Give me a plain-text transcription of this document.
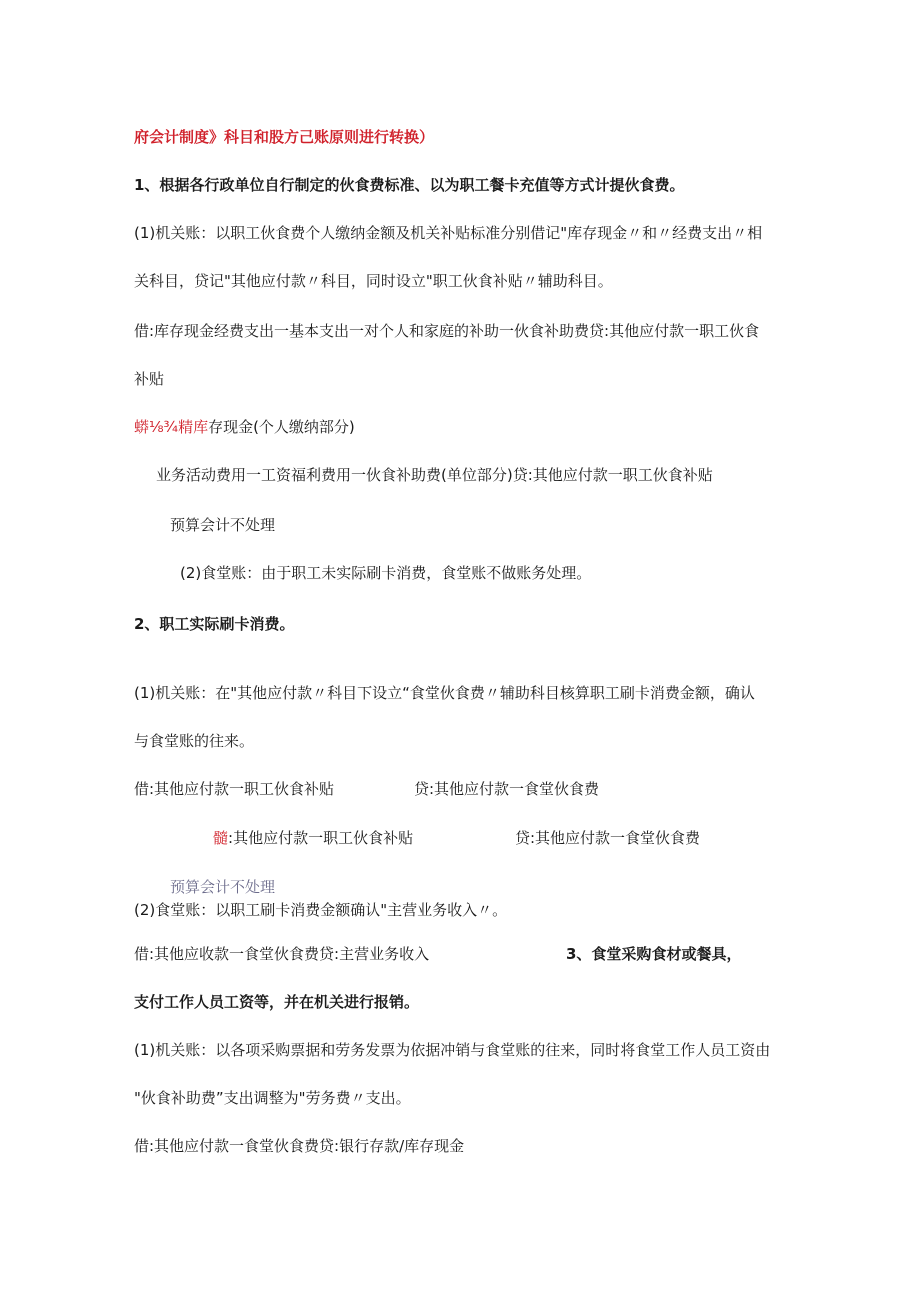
府会计制度》科目和股方己账原则进行转换）
1、根据各行政单位自行制定的伙食费标准、以为职工餐卡充值等方式计提伙食费。
(1)机关账：以职工伙食费个人缴纳金额及机关补贴标准分别借记"库存现金〃和〃经费支出〃相
关科目，贷记"其他应付款〃科目，同时设立"职工伙食补贴〃辅助科目。
借:库存现金经费支出一基本支出一对个人和家庭的补助一伙食补助费贷:其他应付款一职工伙食
补贴
蟒⅛¾精库存现金(个人缴纳部分)
业务活动费用一工资福利费用一伙食补助费(单位部分)贷:其他应付款一职工伙食补贴
预算会计不处理
(2)食堂账：由于职工未实际刷卡消费，食堂账不做账务处理。
2、职工实际刷卡消费。
(1)机关账：在"其他应付款〃科目下设立“食堂伙食费〃辅助科目核算职工刷卡消费金额，确认
与食堂账的往来。
借:其他应付款一职工伙食补贴	贷:其他应付款一食堂伙食费
髓:其他应付款一职工伙食补贴	贷:其他应付款一食堂伙食费
预算会计不处理
(2)食堂账：以职工刷卡消费金额确认"主营业务收入〃。
借:其他应收款一食堂伙食费贷:主营业务收入	3、食堂采购食材或餐具，
支付工作人员工资等，并在机关进行报销。
(1)机关账：以各项采购票据和劳务发票为依据冲销与食堂账的往来，同时将食堂工作人员工资由
"伙食补助费”支出调整为"劳务费〃支出。
借:其他应付款一食堂伙食费贷:银行存款/库存现金
